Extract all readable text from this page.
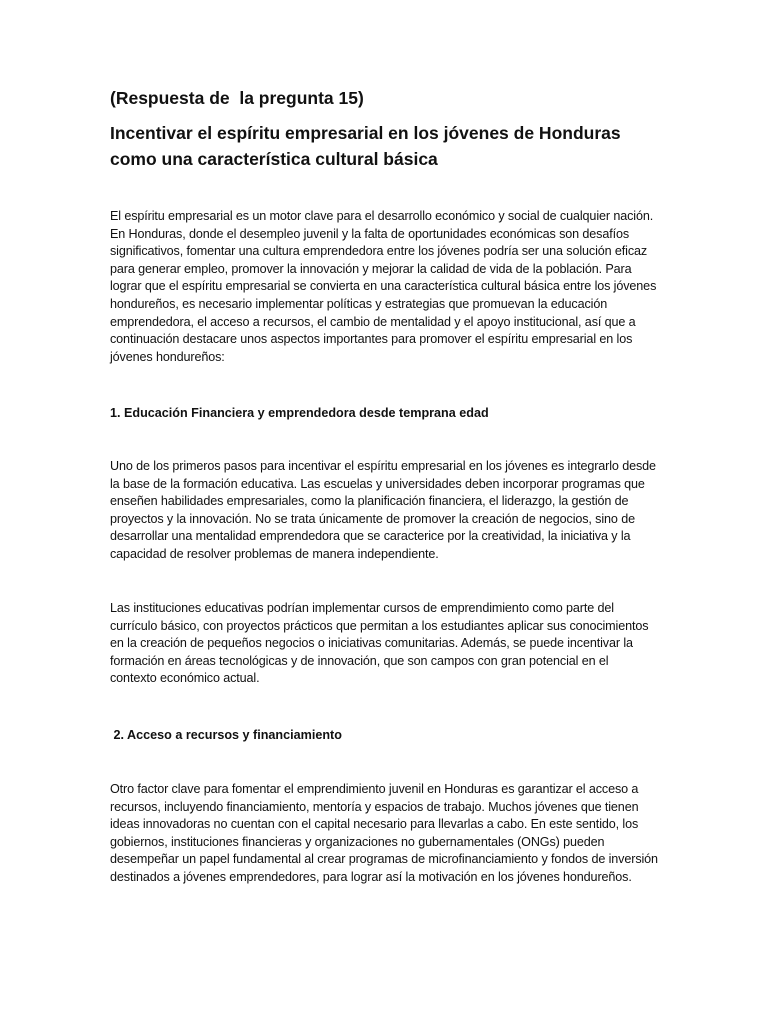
(Respuesta de  la pregunta 15)
Incentivar el espíritu empresarial en los jóvenes de Honduras como una característica cultural básica
El espíritu empresarial es un motor clave para el desarrollo económico y social de cualquier nación. En Honduras, donde el desempleo juvenil y la falta de oportunidades económicas son desafíos significativos, fomentar una cultura emprendedora entre los jóvenes podría ser una solución eficaz para generar empleo, promover la innovación y mejorar la calidad de vida de la población. Para lograr que el espíritu empresarial se convierta en una característica cultural básica entre los jóvenes hondureños, es necesario implementar políticas y estrategias que promuevan la educación emprendedora, el acceso a recursos, el cambio de mentalidad y el apoyo institucional, así que a continuación destacare unos aspectos importantes para promover el espíritu empresarial en los jóvenes hondureños:
1. Educación Financiera y emprendedora desde temprana edad
Uno de los primeros pasos para incentivar el espíritu empresarial en los jóvenes es integrarlo desde la base de la formación educativa. Las escuelas y universidades deben incorporar programas que enseñen habilidades empresariales, como la planificación financiera, el liderazgo, la gestión de proyectos y la innovación. No se trata únicamente de promover la creación de negocios, sino de desarrollar una mentalidad emprendedora que se caracterice por la creatividad, la iniciativa y la capacidad de resolver problemas de manera independiente.
Las instituciones educativas podrían implementar cursos de emprendimiento como parte del currículo básico, con proyectos prácticos que permitan a los estudiantes aplicar sus conocimientos en la creación de pequeños negocios o iniciativas comunitarias. Además, se puede incentivar la formación en áreas tecnológicas y de innovación, que son campos con gran potencial en el contexto económico actual.
2. Acceso a recursos y financiamiento
Otro factor clave para fomentar el emprendimiento juvenil en Honduras es garantizar el acceso a recursos, incluyendo financiamiento, mentoría y espacios de trabajo. Muchos jóvenes que tienen ideas innovadoras no cuentan con el capital necesario para llevarlas a cabo. En este sentido, los gobiernos, instituciones financieras y organizaciones no gubernamentales (ONGs) pueden desempeñar un papel fundamental al crear programas de microfinanciamiento y fondos de inversión destinados a jóvenes emprendedores, para lograr así la motivación en los jóvenes hondureños.
